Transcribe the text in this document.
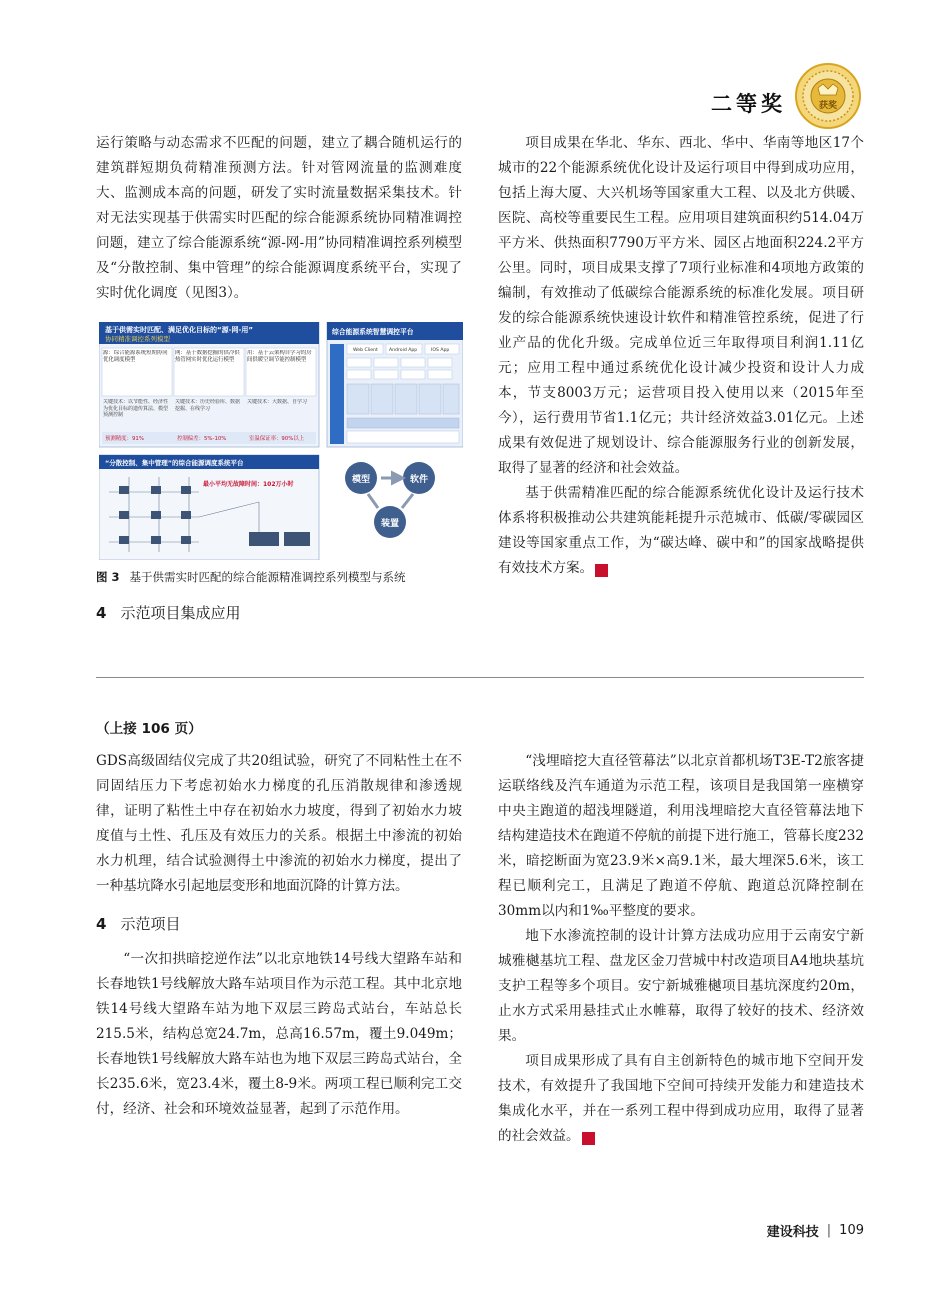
二等奖	获奖

运行策略与动态需求不匹配的问题，建立了耦合随机运行的建筑群短期负荷精准预测方法。针对管网流量的监测难度大、监测成本高的问题，研发了实时流量数据采集技术。针对无法实现基于供需实时匹配的综合能源系统协同精准调控问题，建立了综合能源系统“源-网-用”协同精准调控系列模型及“分散控制、集中管理”的综合能源调度系统平台，实现了实时优化调度（见图3）。

基于供需实时匹配、满足优化目标的“源-网-用”
协同精准调控系列模型
源：综合能源系统短期协同优化调度模型
网：基于数据挖掘的供冷供热管网实时优化运行模型
用：基于云架构自学习的房间供暖空调节能控制模型
关键技术：以节能性、经济性为优化目标的遗传算法、模型预测控制
关键技术：历史经验库、数据挖掘、在线学习
关键技术：大数据、自学习
预测精度：91%	控制偏差：5%-10%	室温保证率：90%以上
综合能源系统智慧调控平台
Web Client Android App	IOS App
“分散控制、集中管理”的综合能源调度系统平台
最小平均无故障时间：102万小时	模型	软件
装置
图 3 基于供需实时匹配的综合能源精准调控系列模型与系统
4 示范项目集成应用

项目成果在华北、华东、西北、华中、华南等地区17个城市的22个能源系统优化设计及运行项目中得到成功应用，包括上海大厦、大兴机场等国家重大工程、以及北方供暖、医院、高校等重要民生工程。应用项目建筑面积约514.04万平方米、供热面积7790万平方米、园区占地面积224.2平方公里。同时，项目成果支撑了7项行业标准和4项地方政策的编制，有效推动了低碳综合能源系统的标准化发展。项目研发的综合能源系统快速设计软件和精准管控系统，促进了行业产品的优化升级。完成单位近三年取得项目利润1.11亿元；应用工程中通过系统优化设计减少投资和设计人力成本，节支8003万元；运营项目投入使用以来（2015年至今），运行费用节省1.1亿元；共计经济效益3.01亿元。上述成果有效促进了规划设计、综合能源服务行业的创新发展，取得了显著的经济和社会效益。

基于供需精准匹配的综合能源系统优化设计及运行技术体系将积极推动公共建筑能耗提升示范城市、低碳/零碳园区建设等国家重点工作，为“碳达峰、碳中和”的国家战略提供有效技术方案。	C

（上接 106 页）

GDS高级固结仪完成了共20组试验，研究了不同粘性土在不同固结压力下考虑初始水力梯度的孔压消散规律和渗透规律，证明了粘性土中存在初始水力坡度，得到了初始水力坡度值与土性、孔压及有效压力的关系。根据土中渗流的初始水力机理，结合试验测得土中渗流的初始水力梯度，提出了一种基坑降水引起地层变形和地面沉降的计算方法。

4 示范项目

“一次扣拱暗挖逆作法”以北京地铁14号线大望路车站和长春地铁1号线解放大路车站项目作为示范工程。其中北京地铁14号线大望路车站为地下双层三跨岛式站台，车站总长215.5米，结构总宽24.7m，总高16.57m，覆土9.049m；长春地铁1号线解放大路车站也为地下双层三跨岛式站台，全长235.6米，宽23.4米，覆土8-9米。两项工程已顺利完工交付，经济、社会和环境效益显著，起到了示范作用。

“浅埋暗挖大直径管幕法”以北京首都机场T3E-T2旅客捷运联络线及汽车通道为示范工程，该项目是我国第一座横穿中央主跑道的超浅埋隧道，利用浅埋暗挖大直径管幕法地下结构建造技术在跑道不停航的前提下进行施工，管幕长度232米，暗挖断面为宽23.9米×高9.1米，最大埋深5.6米，该工程已顺利完工，且满足了跑道不停航、跑道总沉降控制在30mm以内和1‰平整度的要求。

地下水渗流控制的设计计算方法成功应用于云南安宁新城雅樾基坑工程、盘龙区金刀营城中村改造项目A4地块基坑支护工程等多个项目。安宁新城雅樾项目基坑深度约20m，止水方式采用悬挂式止水帷幕，取得了较好的技术、经济效果。

项目成果形成了具有自主创新特色的城市地下空间开发技术，有效提升了我国地下空间可持续开发能力和建造技术集成化水平，并在一系列工程中得到成功应用，取得了显著的社会效益。	C

建设科技 | 109
